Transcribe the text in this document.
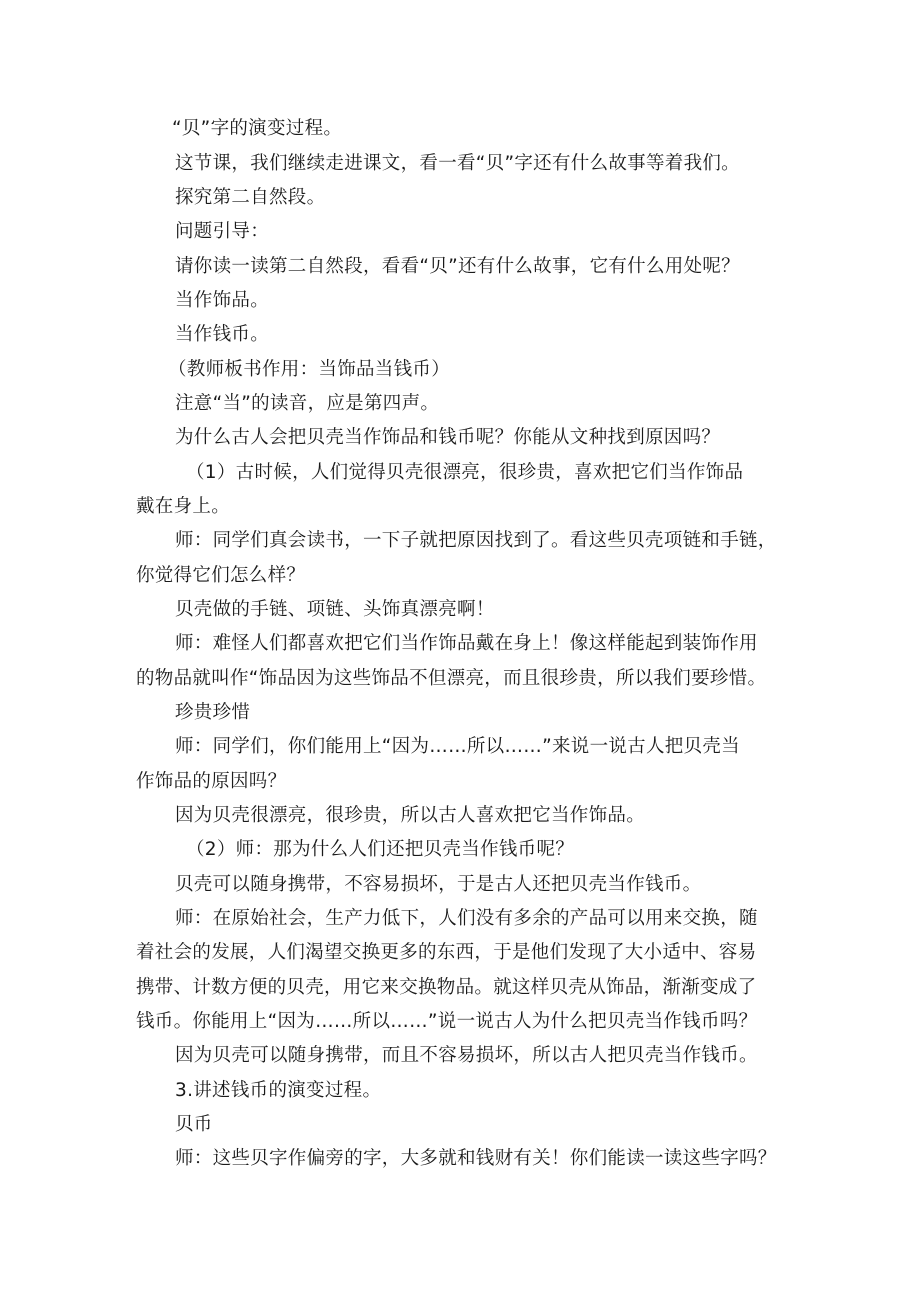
“贝”字的演变过程。
这节课，我们继续走进课文，看一看“贝”字还有什么故事等着我们。
探究第二自然段。
问题引导：
请你读一读第二自然段，看看“贝”还有什么故事，它有什么用处呢？
当作饰品。
当作钱币。
（教师板书作用：当饰品当钱币）
注意“当”的读音，应是第四声。
为什么古人会把贝壳当作饰品和钱币呢？你能从文种找到原因吗？
（1）古时候，人们觉得贝壳很漂亮，很珍贵，喜欢把它们当作饰品
戴在身上。
师：同学们真会读书，一下子就把原因找到了。看这些贝壳项链和手链，
你觉得它们怎么样？
贝壳做的手链、项链、头饰真漂亮啊！
师：难怪人们都喜欢把它们当作饰品戴在身上！像这样能起到装饰作用
的物品就叫作“饰品因为这些饰品不但漂亮，而且很珍贵，所以我们要珍惜。
珍贵珍惜
师：同学们，你们能用上“因为……所以……”来说一说古人把贝壳当
作饰品的原因吗？
因为贝壳很漂亮，很珍贵，所以古人喜欢把它当作饰品。
（2）师：那为什么人们还把贝壳当作钱币呢？
贝壳可以随身携带，不容易损坏，于是古人还把贝壳当作钱币。
师：在原始社会，生产力低下，人们没有多余的产品可以用来交换，随
着社会的发展，人们渴望交换更多的东西，于是他们发现了大小适中、容易
携带、计数方便的贝壳，用它来交换物品。就这样贝壳从饰品，渐渐变成了
钱币。你能用上“因为……所以……”说一说古人为什么把贝壳当作钱币吗？
因为贝壳可以随身携带，而且不容易损坏，所以古人把贝壳当作钱币。
3.讲述钱币的演变过程。
贝币
师：这些贝字作偏旁的字，大多就和钱财有关！你们能读一读这些字吗？
